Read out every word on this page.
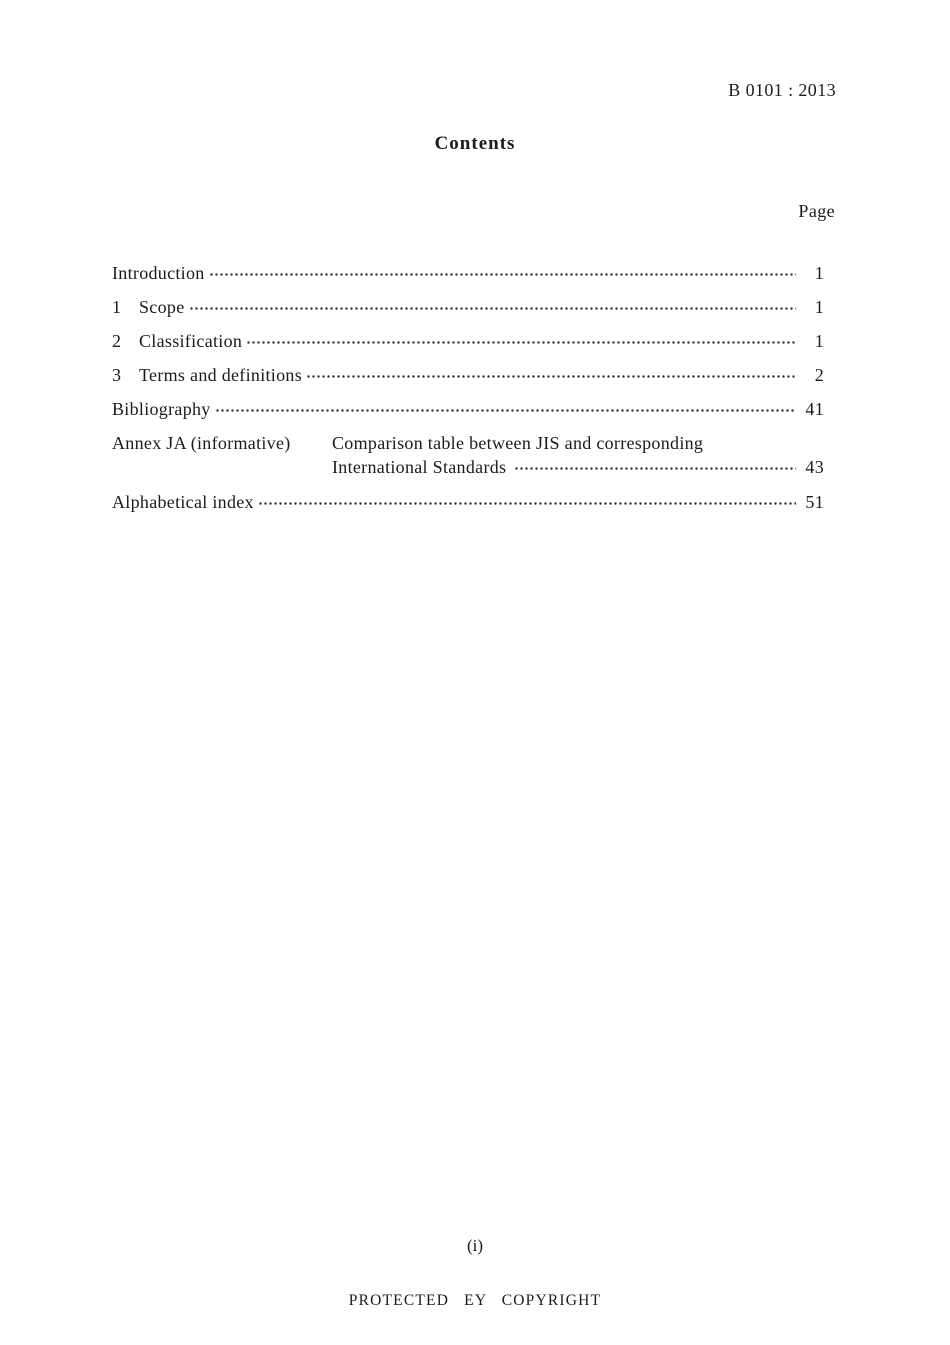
B 0101 : 2013
Contents
Page
Introduction	1
1 Scope	1
2 Classification	1
3 Terms and definitions	2
Bibliography	41
Annex JA (informative)	Comparison table between JIS and corresponding
International Standards	43
Alphabetical index	51
(i)
PROTECTED EY COPYRIGHT
